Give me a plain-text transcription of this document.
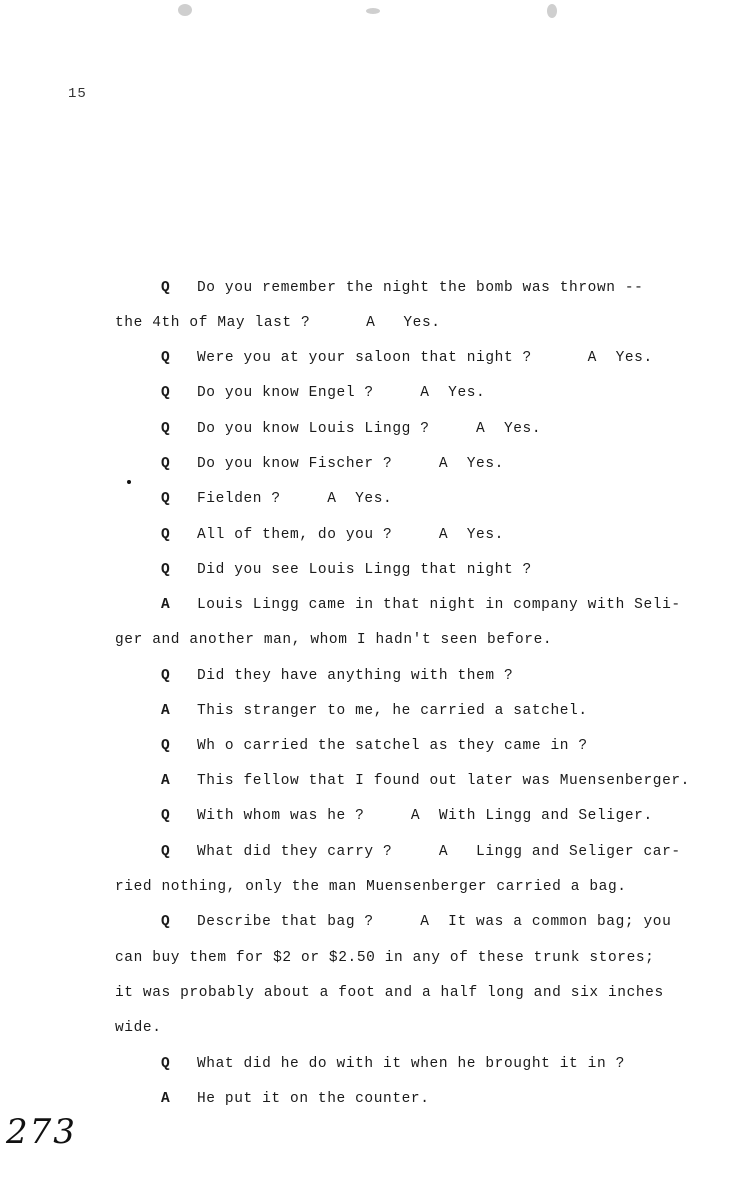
15
Q Do you remember the night the bomb was thrown --
the 4th of May last ?      A   Yes.
Q Were you at your saloon that night ?      A  Yes.
Q Do you know Engel ?     A  Yes.
Q Do you know Louis Lingg ?     A  Yes.
Q Do you know Fischer ?     A  Yes.
Q Fielden ?     A  Yes.
Q All of them, do you ?     A  Yes.
Q Did you see Louis Lingg that night ?
A Louis Lingg came in that night in company with Seli-
ger and another man, whom I hadn't seen before.
Q Did they have anything with them ?
A This stranger to me, he carried a satchel.
Q Wh o carried the satchel as they came in ?
A This fellow that I found out later was Muensenberger.
Q With whom was he ?     A  With Lingg and Seliger.
Q What did they carry ?     A   Lingg and Seliger car-
ried nothing, only the man Muensenberger carried a bag.
Q Describe that bag ?     A  It was a common bag; you
can buy them for $2 or $2.50 in any of these trunk stores;
it was probably about a foot and a half long and six inches
wide.
Q What did he do with it when he brought it in ?
A He put it on the counter.
273
